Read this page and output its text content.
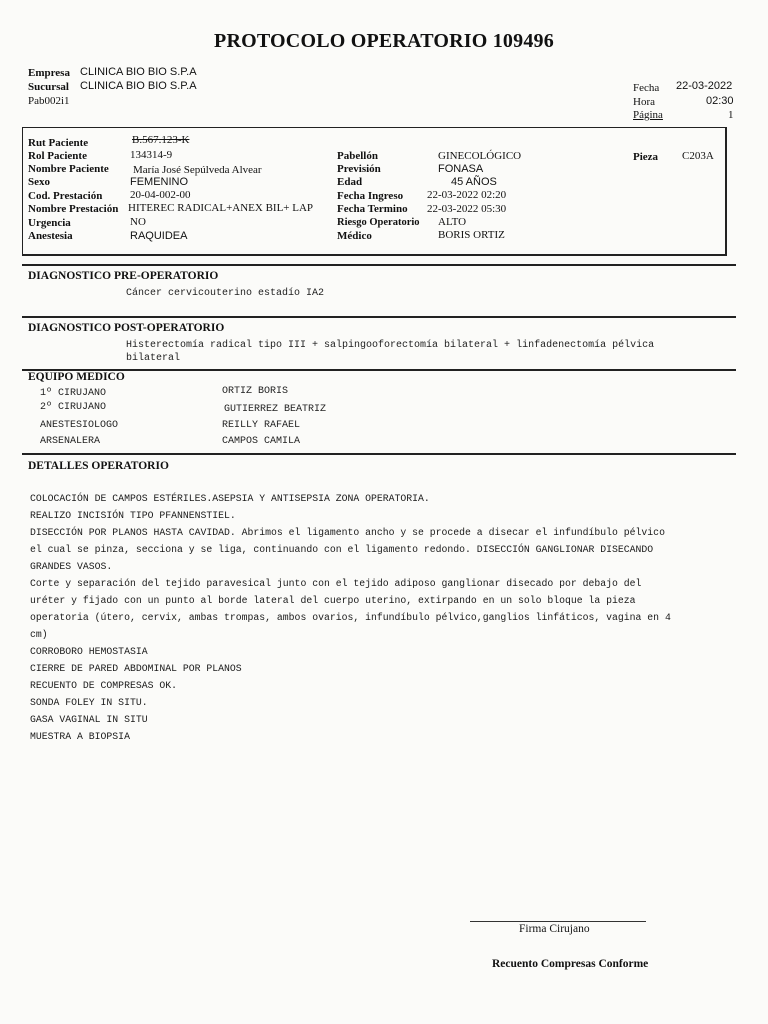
PROTOCOLO OPERATORIO 109496
Empresa CLINICA BIO BIO S.P.A
Sucursal CLINICA BIO BIO S.P.A
Pab002i1
Fecha 22-03-2022
Hora	02:30
Página	1
Rut Paciente	B.567.123-K
Rol Paciente	134314-9
Nombre Paciente María José Sepúlveda Alvear
Sexo	FEMENINO
Cod. Prestación	20-04-002-00
Nombre Prestación HITEREC RADICAL+ANEX BIL+ LAP
Urgencia	NO
Anestesia	RAQUIDEA
Pabellón	GINECOLÓGICO
Previsión	FONASA
Edad	45 AÑOS
Fecha Ingreso 22-03-2022 02:20
Fecha Termino 22-03-2022 05:30
Riesgo Operatorio ALTO
Médico	BORIS ORTIZ
Pieza C203A
DIAGNOSTICO PRE-OPERATORIO
Cáncer cervicouterino estadío IA2
DIAGNOSTICO POST-OPERATORIO
Histerectomía radical tipo III + salpingooforectomía bilateral + linfadenectomía pélvica
bilateral
EQUIPO MEDICO
1º CIRUJANO	ORTIZ BORIS
2º CIRUJANO	GUTIERREZ BEATRIZ
ANESTESIOLOGO	REILLY RAFAEL
ARSENALERA	CAMPOS CAMILA
DETALLES OPERATORIO
COLOCACIÓN DE CAMPOS ESTÉRILES.ASEPSIA Y ANTISEPSIA ZONA OPERATORIA.
REALIZO INCISIÓN TIPO PFANNENSTIEL.
DISECCIÓN POR PLANOS HASTA CAVIDAD. Abrimos el ligamento ancho y se procede a disecar el infundíbulo pélvico
el cual se pinza, secciona y se liga, continuando con el ligamento redondo. DISECCIÓN GANGLIONAR DISECANDO
GRANDES VASOS.
Corte y separación del tejido paravesical junto con el tejido adiposo ganglionar disecado por debajo del
uréter y fijado con un punto al borde lateral del cuerpo uterino, extirpando en un solo bloque la pieza
operatoria (útero, cervix, ambas trompas, ambos ovarios, infundíbulo pélvico,ganglios linfáticos, vagina en 4
cm)
CORROBORO HEMOSTASIA
CIERRE DE PARED ABDOMINAL POR PLANOS
RECUENTO DE COMPRESAS OK.
SONDA FOLEY IN SITU.
GASA VAGINAL IN SITU
MUESTRA A BIOPSIA
Firma Cirujano
Recuento Compresas Conforme
